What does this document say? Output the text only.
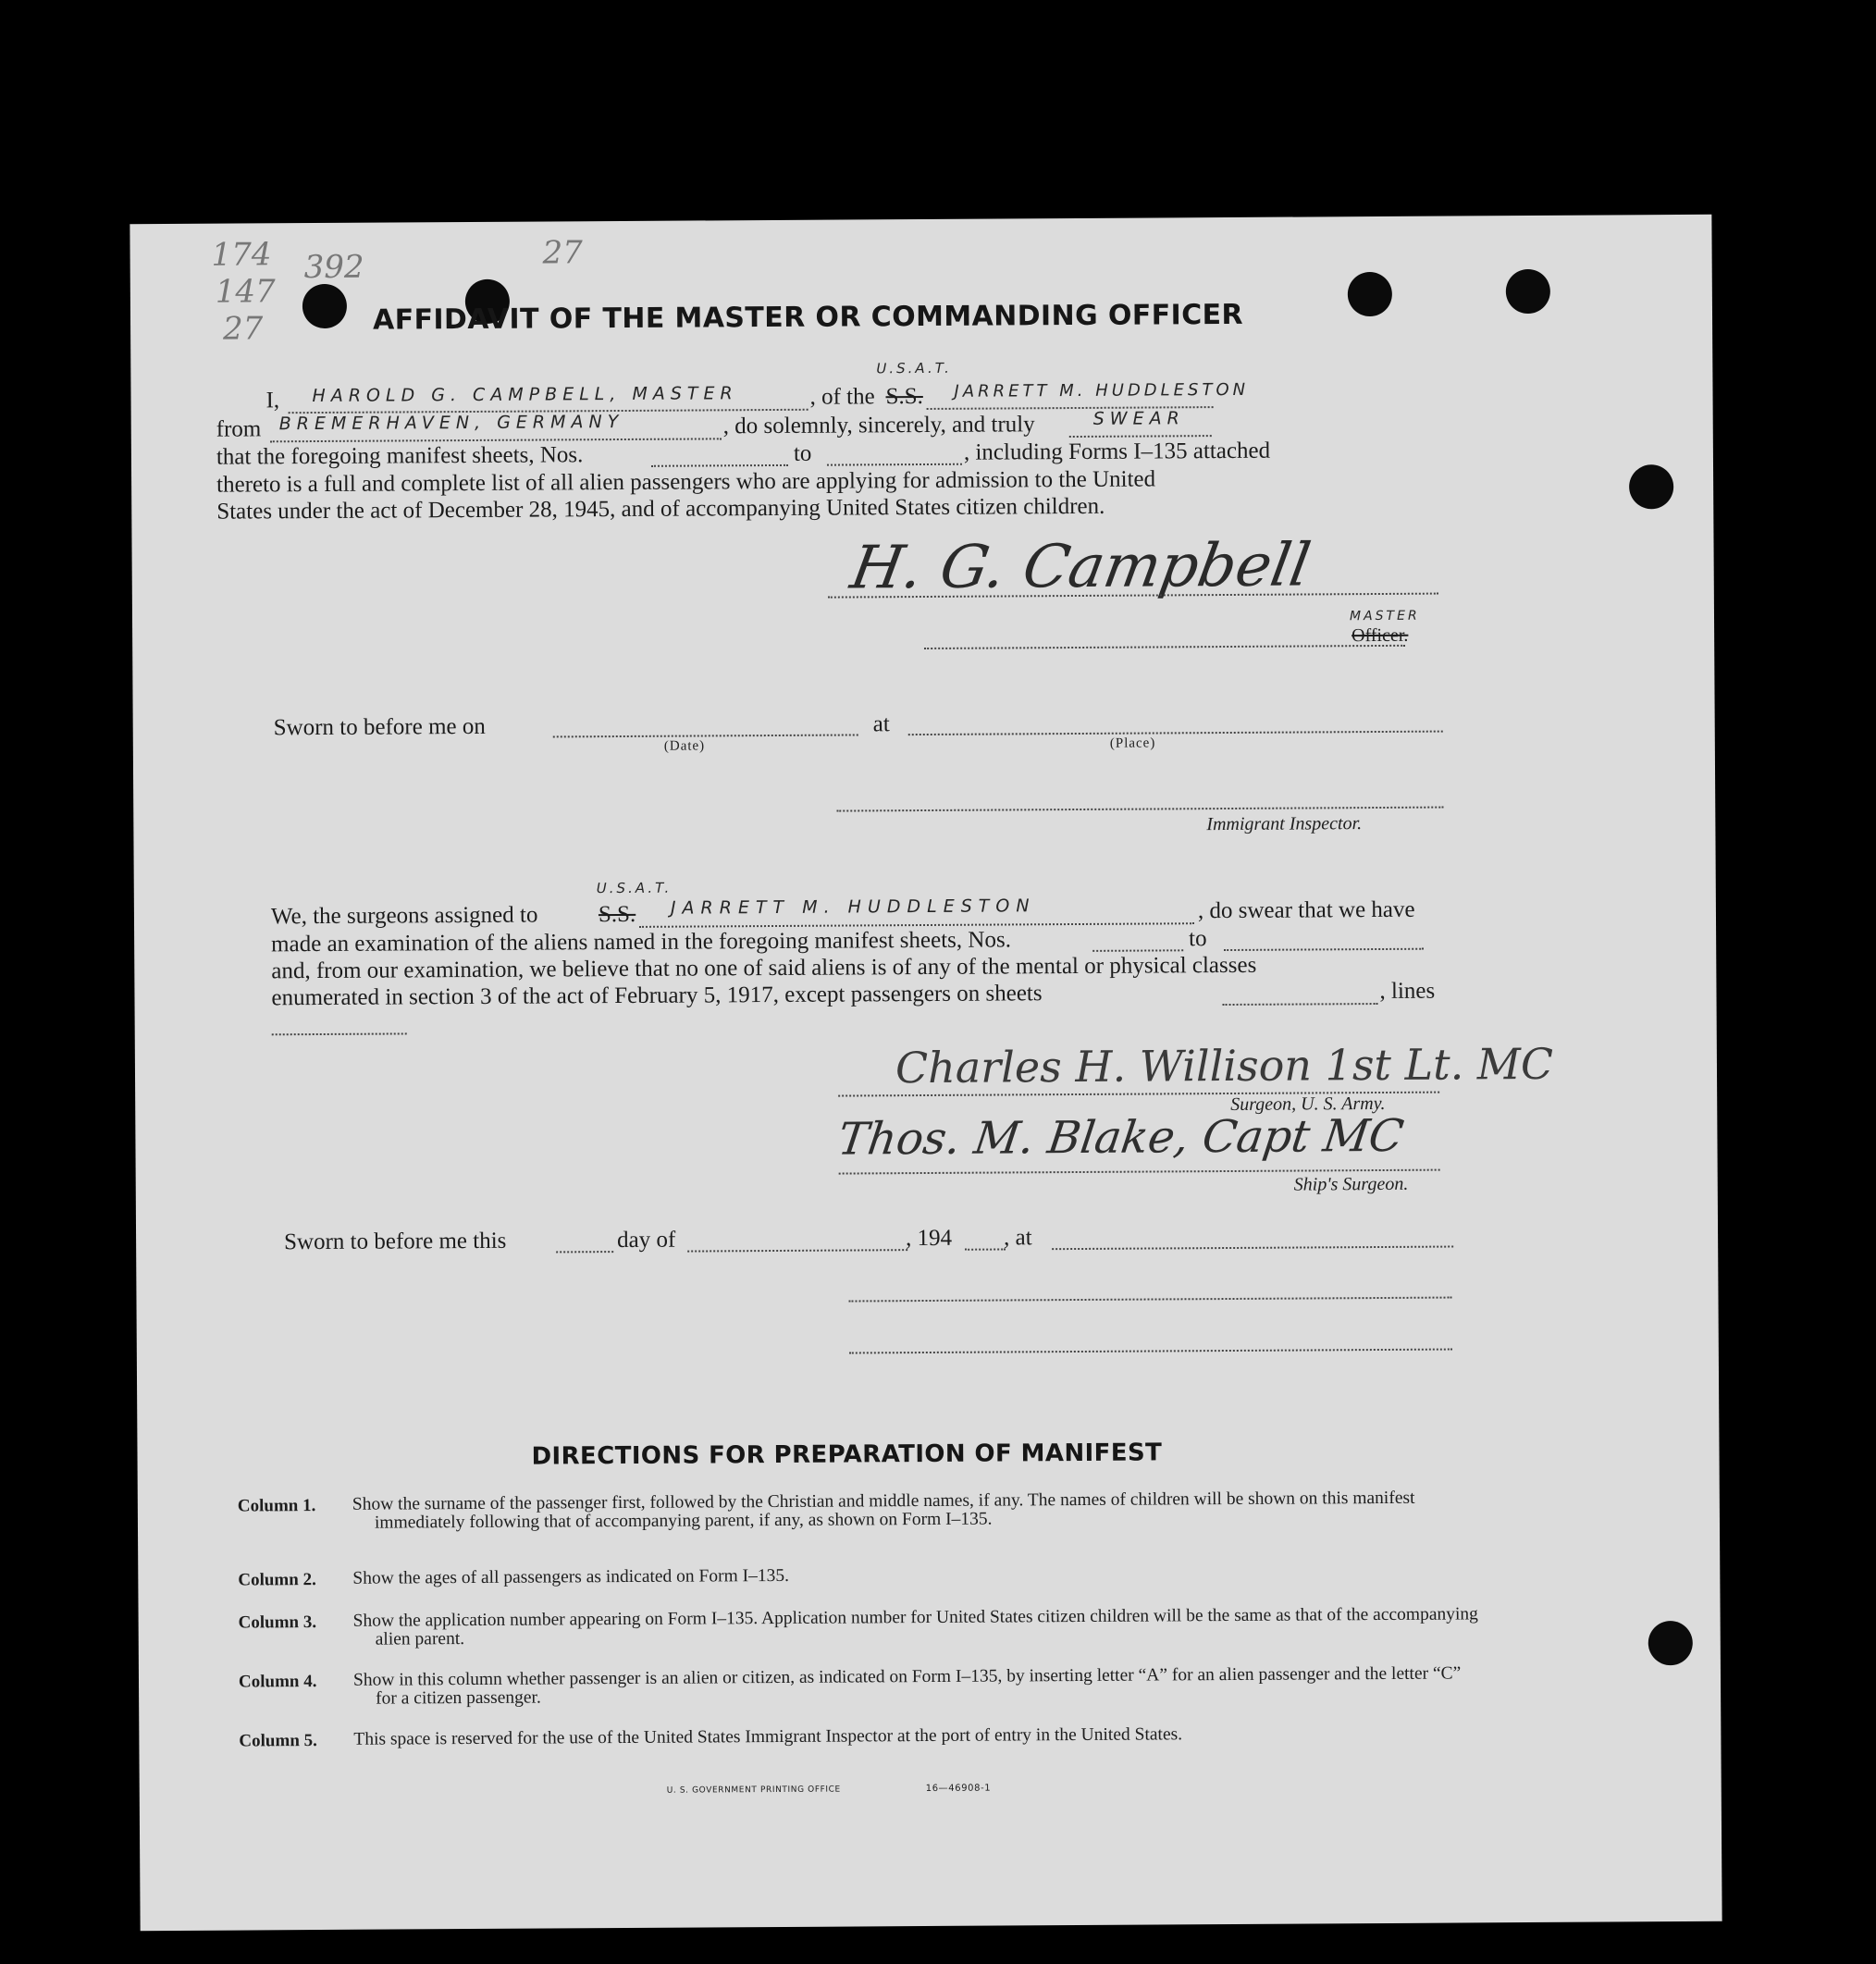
174
147
392	27
27	AFFIDAVIT OF THE MASTER OR COMMANDING OFFICER
I, HAROLD G. CAMPBELL, MASTER	, of the S.S.
U.S.A.T.
JARRETT M. HUDDLESTON
from BREMERHAVEN, GERMANY	, do solemnly, sincerely, and truly	SWEAR
that the foregoing manifest sheets, Nos.	to	, including Forms I–135 attached
thereto is a full and complete list of all alien passengers who are applying for admission to the United
States under the act of December 28, 1945, and of accompanying United States citizen children.
H. G. Campbell
Officer.
MASTER
Sworn to before me on	at
(Date)	(Place)
Immigrant Inspector.
We, the surgeons assigned to	S.S.
U.S.A.T.
JARRETT M. HUDDLESTON	, do swear that we have
made an examination of the aliens named in the foregoing manifest sheets, Nos.	to
and, from our examination, we believe that no one of said aliens is of any of the mental or physical classes
enumerated in section 3 of the act of February 5, 1917, except passengers on sheets	, lines
Charles H. Willison 1st Lt. MC
Surgeon, U. S. Army.
Thos. M. Blake, Capt MC
Ship's Surgeon.
Sworn to before me this	day of	, 194 , at
DIRECTIONS FOR PREPARATION OF MANIFEST
Column 1. Show the surname of the passenger first, followed by the Christian and middle names, if any. The names of children will be shown on this manifest immediately following that of accompanying parent, if any, as shown on Form I–135.
Column 2. Show the ages of all passengers as indicated on Form I–135.
Column 3. Show the application number appearing on Form I–135. Application number for United States citizen children will be the same as that of the accompanying alien parent.
Column 4. Show in this column whether passenger is an alien or citizen, as indicated on Form I–135, by inserting letter “A” for an alien passenger and the letter “C” for a citizen passenger.
Column 5. This space is reserved for the use of the United States Immigrant Inspector at the port of entry in the United States.
U. S. GOVERNMENT PRINTING OFFICE	16—46908-1
